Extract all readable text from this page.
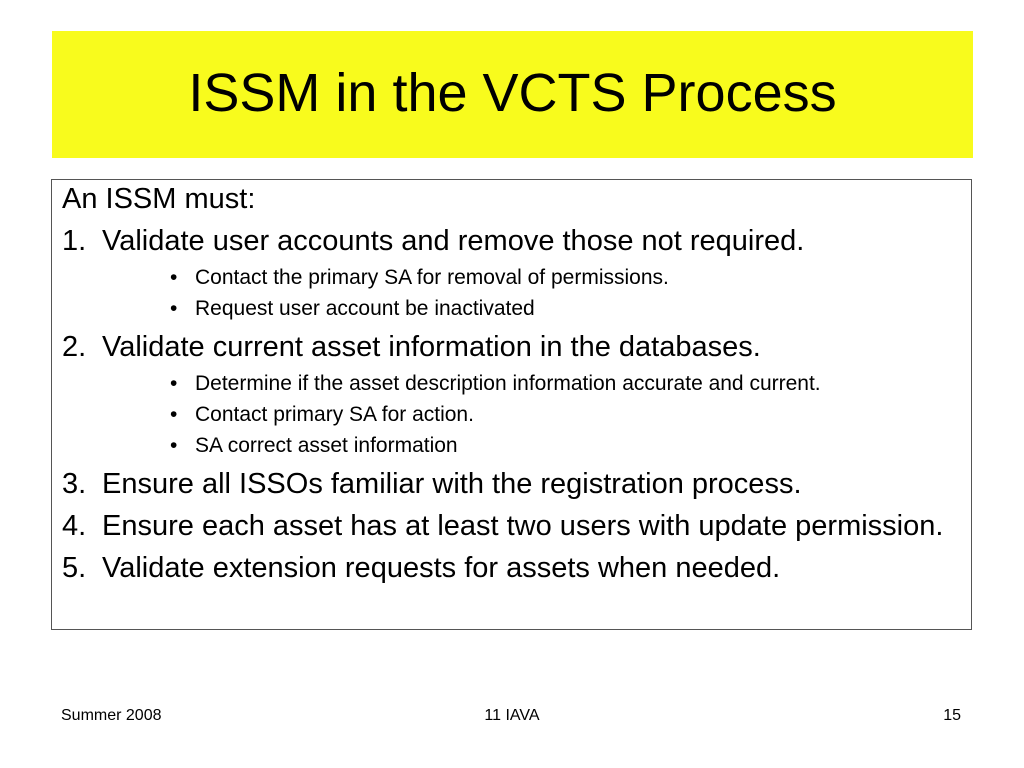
ISSM in the VCTS Process
An ISSM must:
1. Validate user accounts and remove those not required.
• Contact the primary SA for removal of permissions.
• Request user account be inactivated
2. Validate current asset information in the databases.
• Determine if the asset description information accurate and current.
• Contact primary SA for action.
• SA correct asset information
3. Ensure all ISSOs familiar with the registration process.
4. Ensure each asset has at least two users with update permission.
5. Validate extension requests for assets when needed.
Summer 2008	11 IAVA	15
